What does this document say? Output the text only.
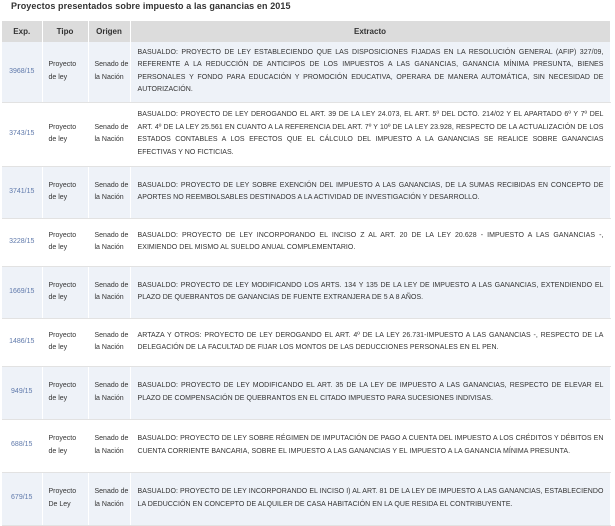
Proyectos presentados sobre impuesto a las ganancias en 2015
Exp.	Tipo	Origen	Extracto
3968/15	Proyecto de ley	Senado de la Nación	BASUALDO: PROYECTO DE LEY ESTABLECIENDO QUE LAS DISPOSICIONES FIJADAS EN LA RESOLUCIÓN GENERAL (AFIP) 327/09, REFERENTE A LA REDUCCIÓN DE ANTICIPOS DE LOS IMPUESTOS A LAS GANANCIAS, GANANCIA MÍNIMA PRESUNTA, BIENES PERSONALES Y FONDO PARA EDUCACIÓN Y PROMOCIÓN EDUCATIVA, OPERARA DE MANERA AUTOMÁTICA, SIN NECESIDAD DE AUTORIZACIÓN.
3743/15	Proyecto de ley	Senado de la Nación	BASUALDO: PROYECTO DE LEY DEROGANDO EL ART. 39 DE LA LEY 24.073, EL ART. 5º DEL DCTO. 214/02 Y EL APARTADO 6º Y 7º DEL ART. 4º DE LA LEY 25.561 EN CUANTO A LA REFERENCIA DEL ART. 7º Y 10º DE LA LEY 23.928, RESPECTO DE LA ACTUALIZACIÓN DE LOS ESTADOS CONTABLES A LOS EFECTOS QUE EL CÁLCULO DEL IMPUESTO A LA GANANCIAS SE REALICE SOBRE GANANCIAS EFECTIVAS Y NO FICTICIAS.
3741/15	Proyecto de ley	Senado de la Nación	BASUALDO: PROYECTO DE LEY SOBRE EXENCIÓN DEL IMPUESTO A LAS GANANCIAS, DE LA SUMAS RECIBIDAS EN CONCEPTO DE APORTES NO REEMBOLSABLES DESTINADOS A LA ACTIVIDAD DE INVESTIGACIÓN Y DESARROLLO.
3228/15	Proyecto de ley	Senado de la Nación	BASUALDO: PROYECTO DE LEY INCORPORANDO EL INCISO Z AL ART. 20 DE LA LEY 20.628 - IMPUESTO A LAS GANANCIAS -, EXIMIENDO DEL MISMO AL SUELDO ANUAL COMPLEMENTARIO.
1669/15	Proyecto de ley	Senado de la Nación	BASUALDO: PROYECTO DE LEY MODIFICANDO LOS ARTS. 134 Y 135 DE LA LEY DE IMPUESTO A LAS GANANCIAS, EXTENDIENDO EL PLAZO DE QUEBRANTOS DE GANANCIAS DE FUENTE EXTRANJERA DE 5 A 8 AÑOS.
1486/15	Proyecto de ley	Senado de la Nación	ARTAZA Y OTROS: PROYECTO DE LEY DEROGANDO EL ART. 4º DE LA LEY 26.731-IMPUESTO A LAS GANANCIAS -, RESPECTO DE LA DELEGACIÓN DE LA FACULTAD DE FIJAR LOS MONTOS DE LAS DEDUCCIONES PERSONALES EN EL PEN.
949/15	Proyecto de ley	Senado de la Nación	BASUALDO: PROYECTO DE LEY MODIFICANDO EL ART. 35 DE LA LEY DE IMPUESTO A LAS GANANCIAS, RESPECTO DE ELEVAR EL PLAZO DE COMPENSACIÓN DE QUEBRANTOS EN EL CITADO IMPUESTO PARA SUCESIONES INDIVISAS.
688/15	Proyecto de ley	Senado de la Nación	BASUALDO: PROYECTO DE LEY SOBRE RÉGIMEN DE IMPUTACIÓN DE PAGO A CUENTA DEL IMPUESTO A LOS CRÉDITOS Y DÉBITOS EN CUENTA CORRIENTE BANCARIA, SOBRE EL IMPUESTO A LAS GANANCIAS Y EL IMPUESTO A LA GANANCIA MÍNIMA PRESUNTA.
679/15	Proyecto De Ley	Senado de la Nación	BASUALDO: PROYECTO DE LEY INCORPORANDO EL INCISO I) AL ART. 81 DE LA LEY DE IMPUESTO A LAS GANANCIAS, ESTABLECIENDO LA DEDUCCIÓN EN CONCEPTO DE ALQUILER DE CASA HABITACIÓN EN LA QUE RESIDA EL CONTRIBUYENTE.
